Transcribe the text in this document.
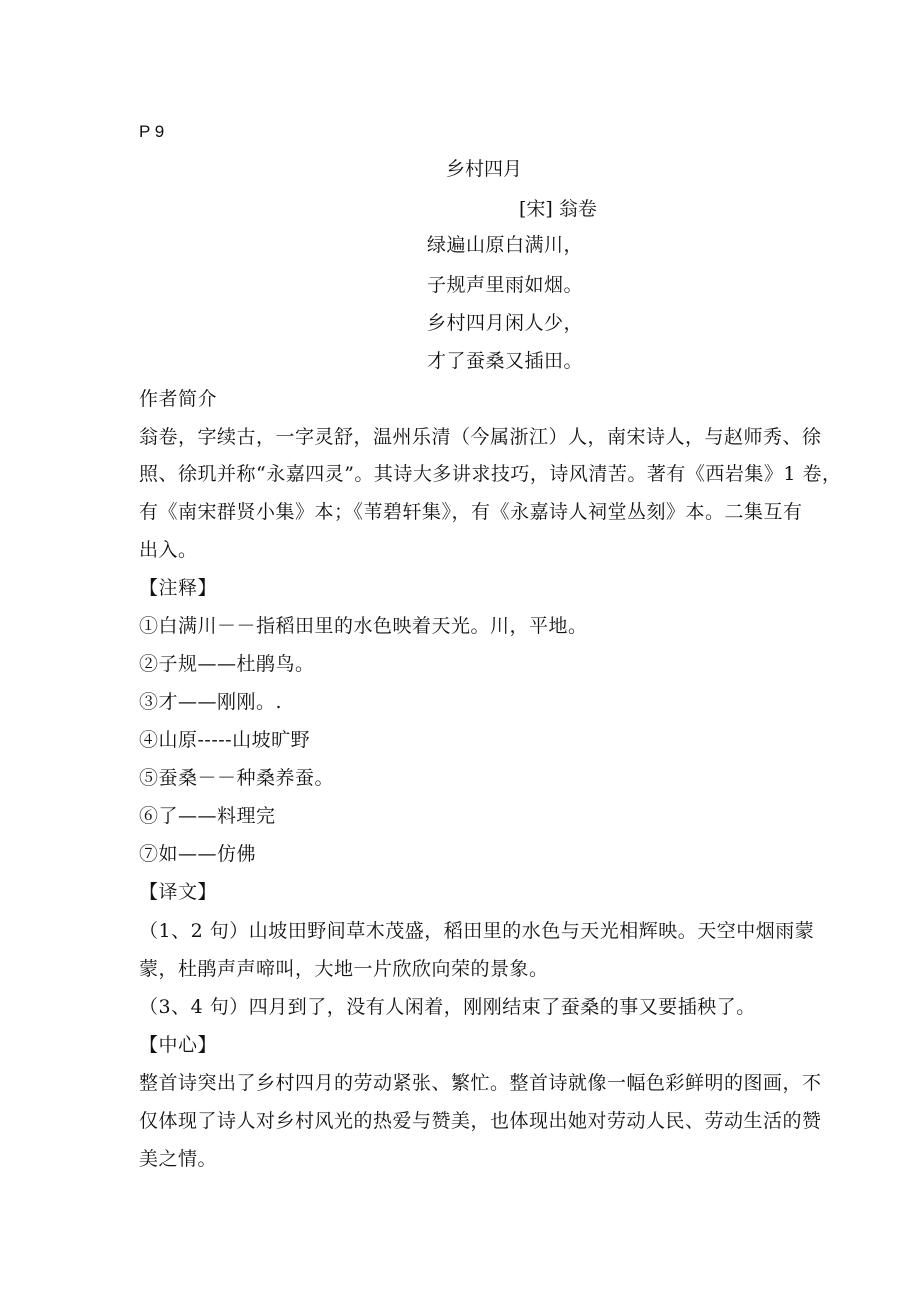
P 9
乡村四月
[宋] 翁卷
绿遍山原白满川，
子规声里雨如烟。
乡村四月闲人少，
才了蚕桑又插田。
作者简介
翁卷，字续古，一字灵舒，温州乐清（今属浙江）人，南宋诗人，与赵师秀、徐
照、徐玑并称“永嘉四灵”。其诗大多讲求技巧，诗风清苦。著有《西岩集》1 卷，
有《南宋群贤小集》本；《苇碧轩集》，有《永嘉诗人祠堂丛刻》本。二集互有
出入。
【注释】
①白满川－－指稻田里的水色映着天光。川，平地。
②子规——杜鹃鸟。
③才——刚刚。.
④山原-----山坡旷野
⑤蚕桑－－种桑养蚕。
⑥了——料理完
⑦如——仿佛
【译文】
（1、2 句）山坡田野间草木茂盛，稻田里的水色与天光相辉映。天空中烟雨蒙
蒙，杜鹃声声啼叫，大地一片欣欣向荣的景象。
（3、4 句）四月到了，没有人闲着，刚刚结束了蚕桑的事又要插秧了。
【中心】
整首诗突出了乡村四月的劳动紧张、繁忙。整首诗就像一幅色彩鲜明的图画，不
仅体现了诗人对乡村风光的热爱与赞美，也体现出她对劳动人民、劳动生活的赞
美之情。
